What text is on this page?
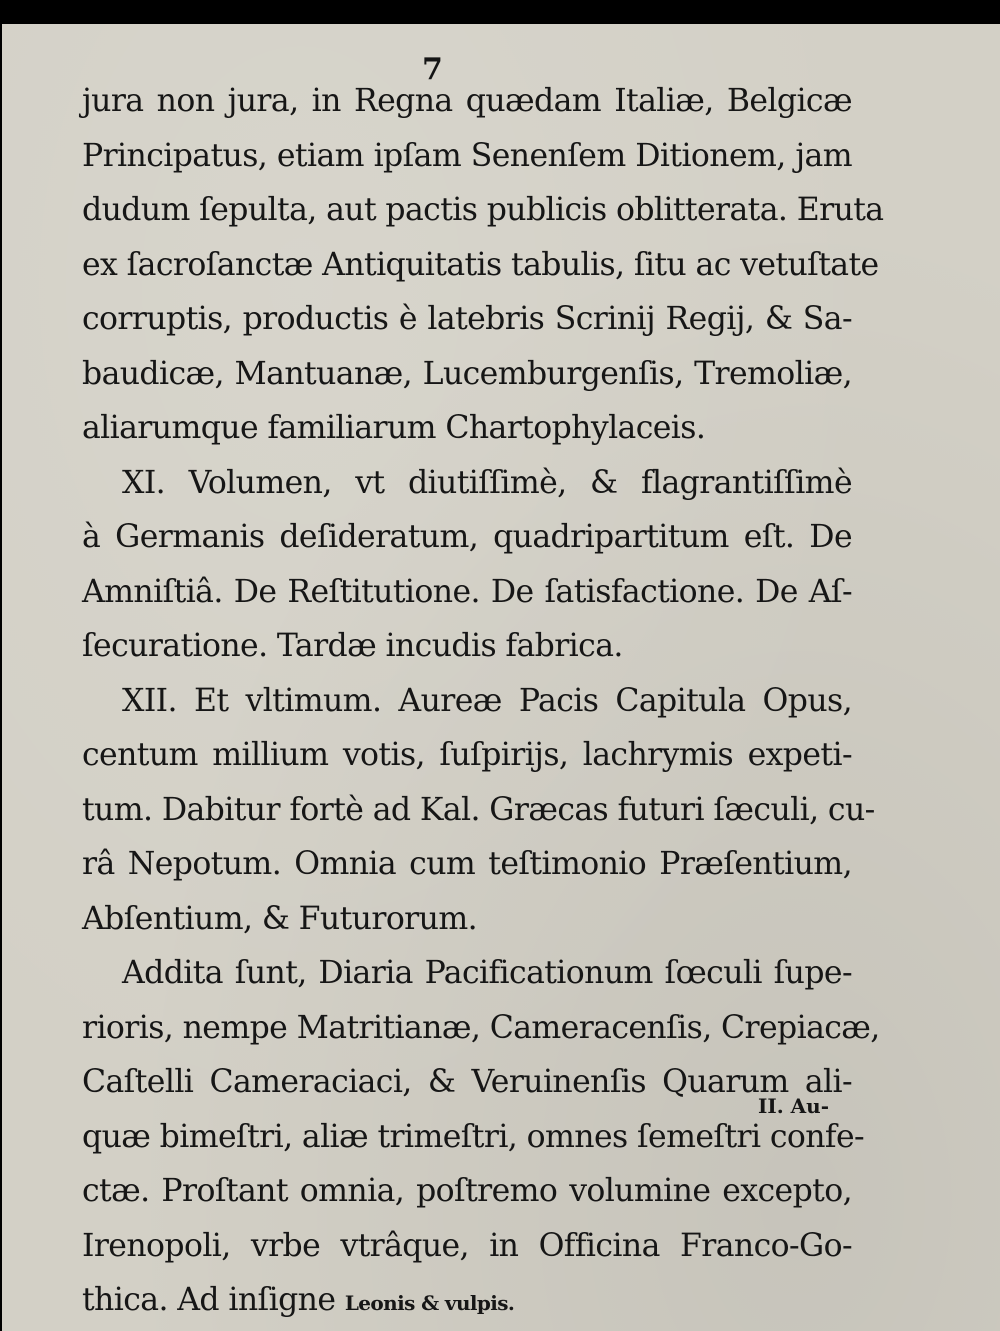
7
jura non jura, in Regna quædam Italiæ, Belgicæ
Principatus, etiam ipſam Senenſem Ditionem, jam
dudum ſepulta, aut pactis publicis oblitterata. Eruta
ex ſacroſanctæ Antiquitatis tabulis, ſitu ac vetuſtate
corruptis, productis è latebris Scrinij Regij, & Sa-
baudicæ, Mantuanæ, Lucemburgenſis, Tremoliæ,
aliarumque familiarum Chartophylaceis.
XI. Volumen, vt diutiſſimè, & flagrantiſſimè
à Germanis deſideratum, quadripartitum eſt. De
Amniſtiâ. De Reſtitutione. De ſatisfactione. De Aſ-
ſecuratione. Tardæ incudis fabrica.
XII. Et vltimum. Aureæ Pacis Capitula Opus,
centum millium votis, ſuſpirijs, lachrymis expeti-
tum. Dabitur fortè ad Kal. Græcas futuri ſæculi, cu-
râ Nepotum. Omnia cum teſtimonio Præſentium,
Abſentium, & Futurorum.
Addita ſunt, Diaria Pacificationum ſœculi ſupe-
rioris, nempe Matritianæ, Cameracenſis, Crepiacæ,
Caſtelli Cameraciaci, & Veruinenſis Quarum ali-
quæ bimeſtri, aliæ trimeſtri, omnes ſemeſtri confe-
ctæ. Proſtant omnia, poſtremo volumine excepto,
Irenopoli, vrbe vtrâque, in Officina Franco-Go-
thica. Ad inſigne Leonis & vulpis.
II. Au-
